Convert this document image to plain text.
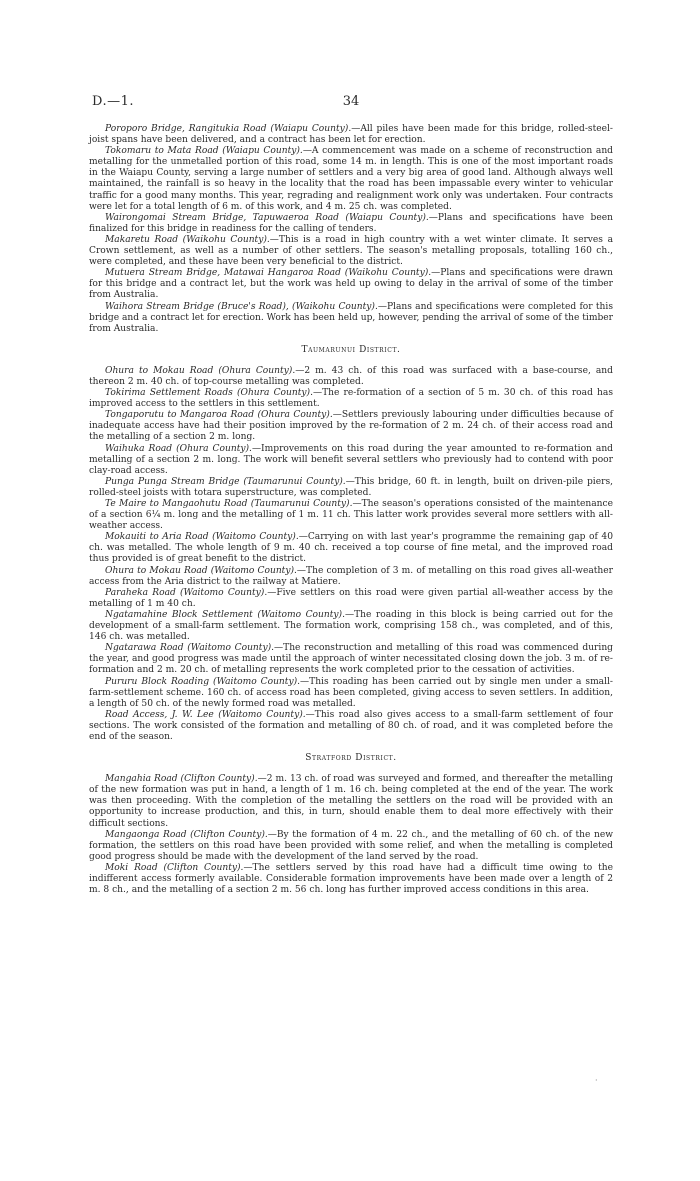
D.—1.	34

Poroporo Bridge, Rangitukia Road (Waiapu County).—All piles have been made for this bridge, rolled-steel-joist spans have been delivered, and a contract has been let for erection.

Tokomaru to Mata Road (Waiapu County).—A commencement was made on a scheme of reconstruction and metalling for the unmetalled portion of this road, some 14 m. in length. This is one of the most important roads in the Waiapu County, serving a large number of settlers and a very big area of good land. Although always well maintained, the rainfall is so heavy in the locality that the road has been impassable every winter to vehicular traffic for a good many months. This year, regrading and realignment work only was undertaken. Four contracts were let for a total length of 6 m. of this work, and 4 m. 25 ch. was completed.

Wairongomai Stream Bridge, Tapuwaeroa Road (Waiapu County).—Plans and specifications have been finalized for this bridge in readiness for the calling of tenders.

Makaretu Road (Waikohu County).—This is a road in high country with a wet winter climate. It serves a Crown settlement, as well as a number of other settlers. The season's metalling proposals, totalling 160 ch., were completed, and these have been very beneficial to the district.

Mutuera Stream Bridge, Matawai Hangaroa Road (Waikohu County).—Plans and specifications were drawn for this bridge and a contract let, but the work was held up owing to delay in the arrival of some of the timber from Australia.

Waihora Stream Bridge (Bruce's Road), (Waikohu County).—Plans and specifications were completed for this bridge and a contract let for erection. Work has been held up, however, pending the arrival of some of the timber from Australia.

Taumarunui District.

Ohura to Mokau Road (Ohura County).—2 m. 43 ch. of this road was surfaced with a base-course, and thereon 2 m. 40 ch. of top-course metalling was completed.

Tokirima Settlement Roads (Ohura County).—The re-formation of a section of 5 m. 30 ch. of this road has improved access to the settlers in this settlement.

Tongaporutu to Mangaroa Road (Ohura County).—Settlers previously labouring under difficulties because of inadequate access have had their position improved by the re-formation of 2 m. 24 ch. of their access road and the metalling of a section 2 m. long.

Waihuka Road (Ohura County).—Improvements on this road during the year amounted to re-formation and metalling of a section 2 m. long. The work will benefit several settlers who previously had to contend with poor clay-road access.

Punga Punga Stream Bridge (Taumarunui County).—This bridge, 60 ft. in length, built on driven-pile piers, rolled-steel joists with totara superstructure, was completed.

Te Maire to Mangaohutu Road (Taumarunui County).—The season's operations consisted of the maintenance of a section 6¼ m. long and the metalling of 1 m. 11 ch. This latter work provides several more settlers with all-weather access.

Mokauiti to Aria Road (Waitomo County).—Carrying on with last year's programme the remaining gap of 40 ch. was metalled. The whole length of 9 m. 40 ch. received a top course of fine metal, and the improved road thus provided is of great benefit to the district.

Ohura to Mokau Road (Waitomo County).—The completion of 3 m. of metalling on this road gives all-weather access from the Aria district to the railway at Matiere.

Paraheka Road (Waitomo County).—Five settlers on this road were given partial all-weather access by the metalling of 1 m 40 ch.

Ngatamahine Block Settlement (Waitomo County).—The roading in this block is being carried out for the development of a small-farm settlement. The formation work, comprising 158 ch., was completed, and of this, 146 ch. was metalled.

Ngatarawa Road (Waitomo County).—The reconstruction and metalling of this road was commenced during the year, and good progress was made until the approach of winter necessitated closing down the job. 3 m. of re-formation and 2 m. 20 ch. of metalling represents the work completed prior to the cessation of activities.

Pururu Block Roading (Waitomo County).—This roading has been carried out by single men under a small-farm-settlement scheme. 160 ch. of access road has been completed, giving access to seven settlers. In addition, a length of 50 ch. of the newly formed road was metalled.

Road Access, J. W. Lee (Waitomo County).—This road also gives access to a small-farm settlement of four sections. The work consisted of the formation and metalling of 80 ch. of road, and it was completed before the end of the season.

Stratford District.

Mangahia Road (Clifton County).—2 m. 13 ch. of road was surveyed and formed, and thereafter the metalling of the new formation was put in hand, a length of 1 m. 16 ch. being completed at the end of the year. The work was then proceeding. With the completion of the metalling the settlers on the road will be provided with an opportunity to increase production, and this, in turn, should enable them to deal more effectively with their difficult sections.

Mangaonga Road (Clifton County).—By the formation of 4 m. 22 ch., and the metalling of 60 ch. of the new formation, the settlers on this road have been provided with some relief, and when the metalling is completed good progress should be made with the development of the land served by the road.

Moki Road (Clifton County).—The settlers served by this road have had a difficult time owing to the indifferent access formerly available. Considerable formation improvements have been made over a length of 2 m. 8 ch., and the metalling of a section 2 m. 56 ch. long has further improved access conditions in this area.

·
